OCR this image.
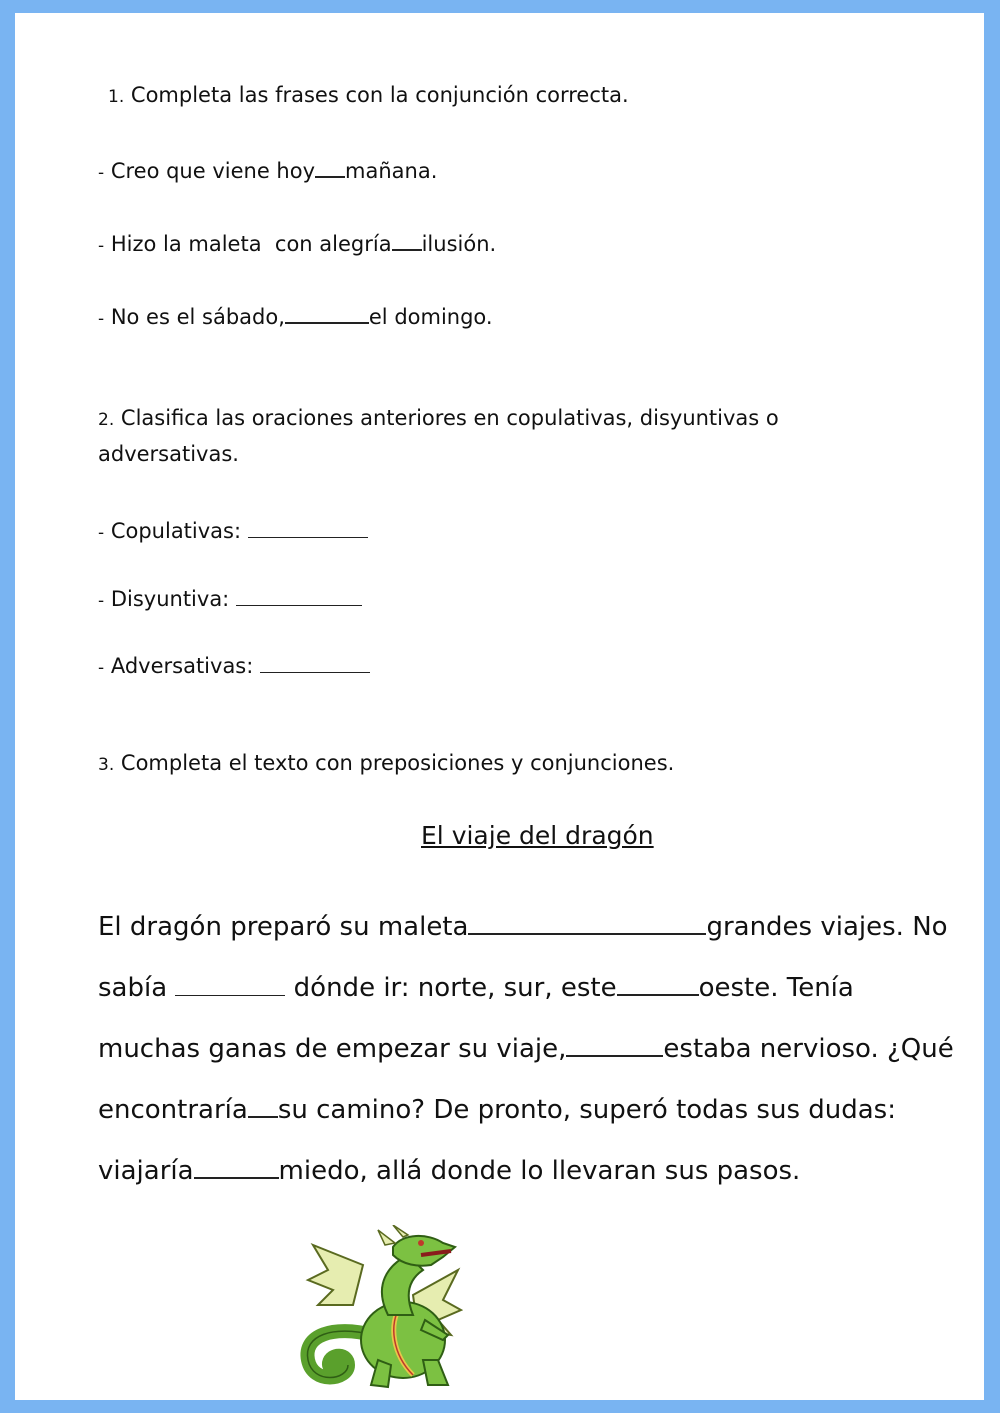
1. Completa las frases con la conjunción correcta.
- Creo que viene hoy mañana.
- Hizo la maleta  con alegría ilusión.
- No es el sábado,	el domingo.
2. Clasifica las oraciones anteriores en copulativas, disyuntivas o
adversativas.
- Copulativas:
- Disyuntiva:
- Adversativas:
3. Completa el texto con preposiciones y conjunciones.
El viaje del dragón
El dragón preparó su maleta	grandes viajes. No
sabía	dónde ir: norte, sur, este	oeste. Tenía
muchas ganas de empezar su viaje,	estaba nervioso. ¿Qué
encontraría su camino? De pronto, superó todas sus dudas:
viajaría	miedo, allá donde lo llevaran sus pasos.
